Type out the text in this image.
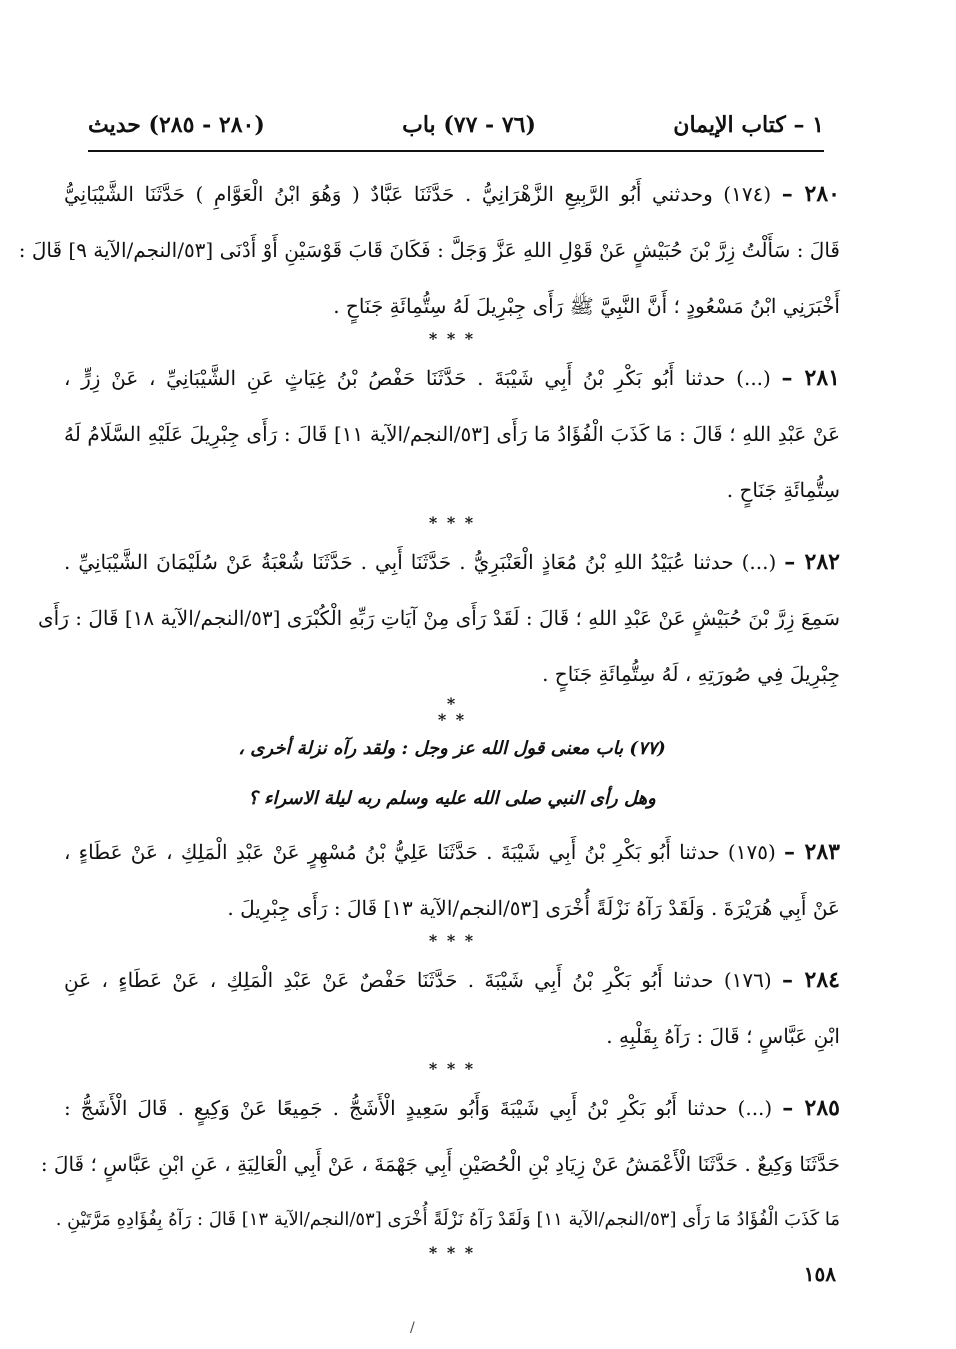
١ – كتاب الإيمان
(٧٦ - ٧٧) باب
(٢٨٠ - ٢٨٥) حديث
٢٨٠ – (١٧٤) وحدثني أَبُو الرَّبِيعِ الزَّهْرَانِيُّ . حَدَّثَنَا عَبَّادٌ ( وَهُوَ ابْنُ الْعَوَّامِ ) حَدَّثَنَا الشَّيْبَانِيُّ
قَالَ : سَأَلْتُ زِرَّ بْنَ حُبَيْشٍ عَنْ قَوْلِ اللهِ عَزَّ وَجَلَّ : فَكَانَ قَابَ قَوْسَيْنِ أَوْ أَدْنَى [٥٣/النجم/الآية ٩] قَالَ :
أَخْبَرَنِي ابْنُ مَسْعُودٍ ؛ أَنَّ النَّبِيَّ ﷺ رَأَى جِبْرِيلَ لَهُ سِتُّمِائَةِ جَنَاحٍ .
* * *
٢٨١ – (...) حدثنا أَبُو بَكْرِ بْنُ أَبِي شَيْبَةَ . حَدَّثَنَا حَفْصُ بْنُ غِيَاثٍ عَنِ الشَّيْبَانِيِّ ، عَنْ زِرٍّ ،
عَنْ عَبْدِ اللهِ ؛ قَالَ : مَا كَذَبَ الْفُؤَادُ مَا رَأَى [٥٣/النجم/الآية ١١] قَالَ : رَأَى جِبْرِيلَ عَلَيْهِ السَّلَامُ لَهُ
سِتُّمِائَةِ جَنَاحٍ .
* * *
٢٨٢ – (...) حدثنا عُبَيْدُ اللهِ بْنُ مُعَاذٍ الْعَنْبَرِيُّ . حَدَّثَنَا أَبِي . حَدَّثَنَا شُعْبَةُ عَنْ سُلَيْمَانَ الشَّيْبَانِيِّ .
سَمِعَ زِرَّ بْنَ حُبَيْشٍ عَنْ عَبْدِ اللهِ ؛ قَالَ : لَقَدْ رَأَى مِنْ آيَاتِ رَبِّهِ الْكُبْرَى [٥٣/النجم/الآية ١٨] قَالَ : رَأَى
جِبْرِيلَ فِي صُورَتِهِ ، لَهُ سِتُّمِائَةِ جَنَاحٍ .
*
* *
(٧٧) باب معنى قول الله عز وجل : ولقد رآه نزلة أخرى ،
وهل رأى النبي صلى الله عليه وسلم ربه ليلة الاسراء ؟
٢٨٣ – (١٧٥) حدثنا أَبُو بَكْرِ بْنُ أَبِي شَيْبَةَ . حَدَّثَنَا عَلِيُّ بْنُ مُسْهِرٍ عَنْ عَبْدِ الْمَلِكِ ، عَنْ عَطَاءٍ ،
عَنْ أَبِي هُرَيْرَةَ . وَلَقَدْ رَآهُ نَزْلَةً أُخْرَى [٥٣/النجم/الآية ١٣] قَالَ : رَأَى جِبْرِيلَ .
* * *
٢٨٤ – (١٧٦) حدثنا أَبُو بَكْرِ بْنُ أَبِي شَيْبَةَ . حَدَّثَنَا حَفْصٌ عَنْ عَبْدِ الْمَلِكِ ، عَنْ عَطَاءٍ ، عَنِ
ابْنِ عَبَّاسٍ ؛ قَالَ : رَآهُ بِقَلْبِهِ .
* * *
٢٨٥ – (...) حدثنا أَبُو بَكْرِ بْنُ أَبِي شَيْبَةَ وَأَبُو سَعِيدٍ الْأَشَجُّ . جَمِيعًا عَنْ وَكِيعٍ . قَالَ الْأَشَجُّ :
حَدَّثَنَا وَكِيعٌ . حَدَّثَنَا الْأَعْمَشُ عَنْ زِيَادِ بْنِ الْحُصَيْنِ أَبِي جَهْمَةَ ، عَنْ أَبِي الْعَالِيَةِ ، عَنِ ابْنِ عَبَّاسٍ ؛ قَالَ :
مَا كَذَبَ الْفُؤَادُ مَا رَأَى [٥٣/النجم/الآية ١١] وَلَقَدْ رَآهُ نَزْلَةً أُخْرَى [٥٣/النجم/الآية ١٣] قَالَ : رَآهُ بِفُؤَادِهِ مَرَّتَيْنِ .
* * *
١٥٨
/
